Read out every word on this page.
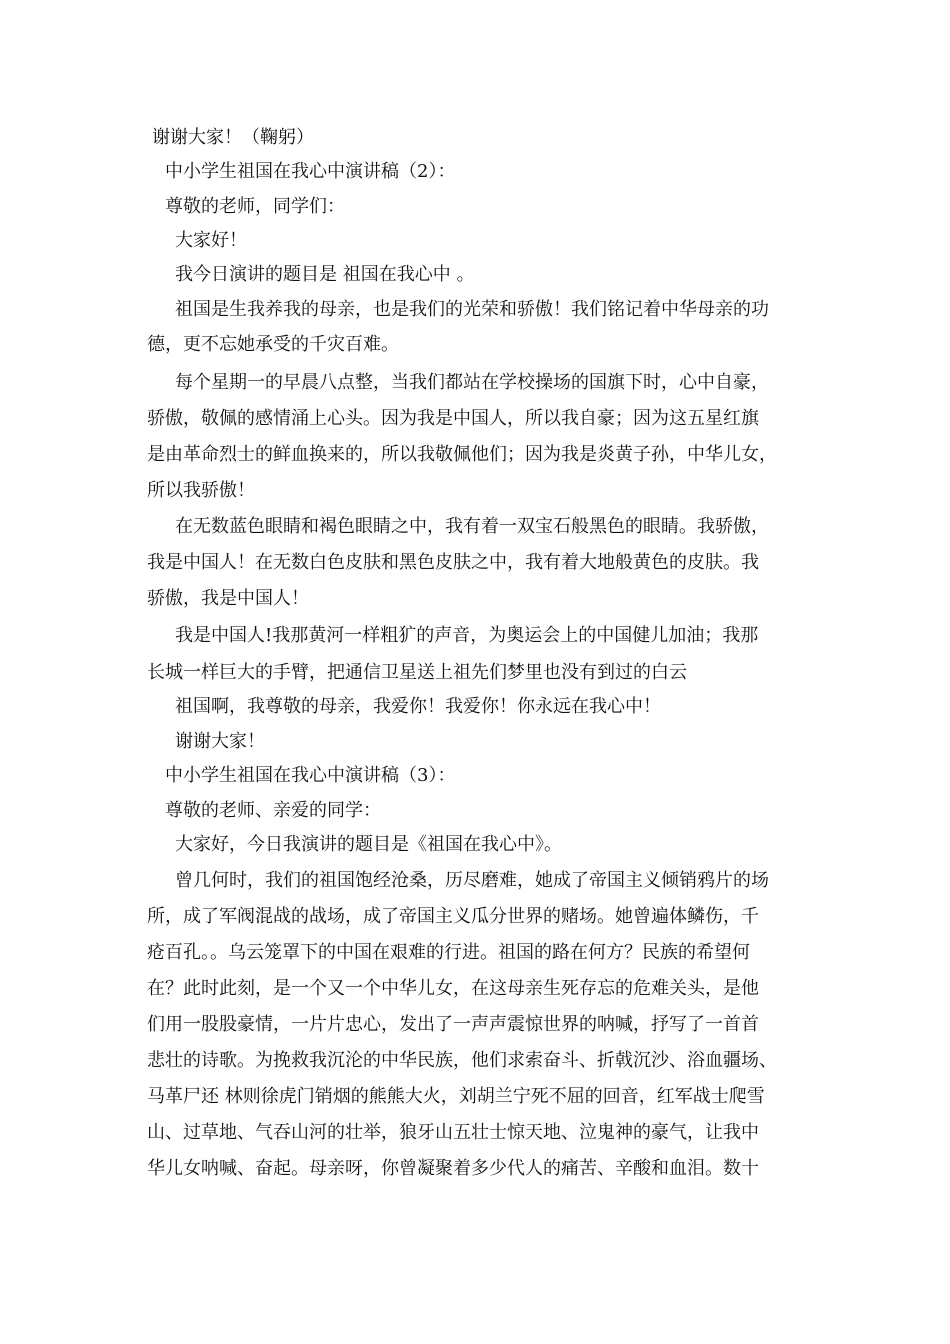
谢谢大家！（鞠躬）
中小学生祖国在我心中演讲稿（2）：
尊敬的老师，同学们：
大家好！
我今日演讲的题目是 祖国在我心中 。
祖国是生我养我的母亲，也是我们的光荣和骄傲！我们铭记着中华母亲的功
德，更不忘她承受的千灾百难。
每个星期一的早晨八点整，当我们都站在学校操场的国旗下时，心中自豪，
骄傲，敬佩的感情涌上心头。因为我是中国人，所以我自豪；因为这五星红旗
是由革命烈士的鲜血换来的，所以我敬佩他们；因为我是炎黄子孙，中华儿女，
所以我骄傲！
在无数蓝色眼睛和褐色眼睛之中，我有着一双宝石般黑色的眼睛。我骄傲，
我是中国人！在无数白色皮肤和黑色皮肤之中，我有着大地般黄色的皮肤。我
骄傲，我是中国人！
我是中国人!我那黄河一样粗犷的声音，为奥运会上的中国健儿加油；我那
长城一样巨大的手臂，把通信卫星送上祖先们梦里也没有到过的白云
祖国啊，我尊敬的母亲，我爱你！我爱你！你永远在我心中！
谢谢大家！
中小学生祖国在我心中演讲稿（3）：
尊敬的老师、亲爱的同学：
大家好，今日我演讲的题目是《祖国在我心中》。
曾几何时，我们的祖国饱经沧桑，历尽磨难，她成了帝国主义倾销鸦片的场
所，成了军阀混战的战场，成了帝国主义瓜分世界的赌场。她曾遍体鳞伤，千
疮百孔。。乌云笼罩下的中国在艰难的行进。祖国的路在何方？民族的希望何
在？此时此刻，是一个又一个中华儿女，在这母亲生死存忘的危难关头，是他
们用一股股豪情，一片片忠心，发出了一声声震惊世界的呐喊，抒写了一首首
悲壮的诗歌。为挽救我沉沦的中华民族，他们求索奋斗、折戟沉沙、浴血疆场、
马革尸还 林则徐虎门销烟的熊熊大火，刘胡兰宁死不屈的回音，红军战士爬雪
山、过草地、气吞山河的壮举，狼牙山五壮士惊天地、泣鬼神的豪气，让我中
华儿女呐喊、奋起。母亲呀，你曾凝聚着多少代人的痛苦、辛酸和血泪。数十
